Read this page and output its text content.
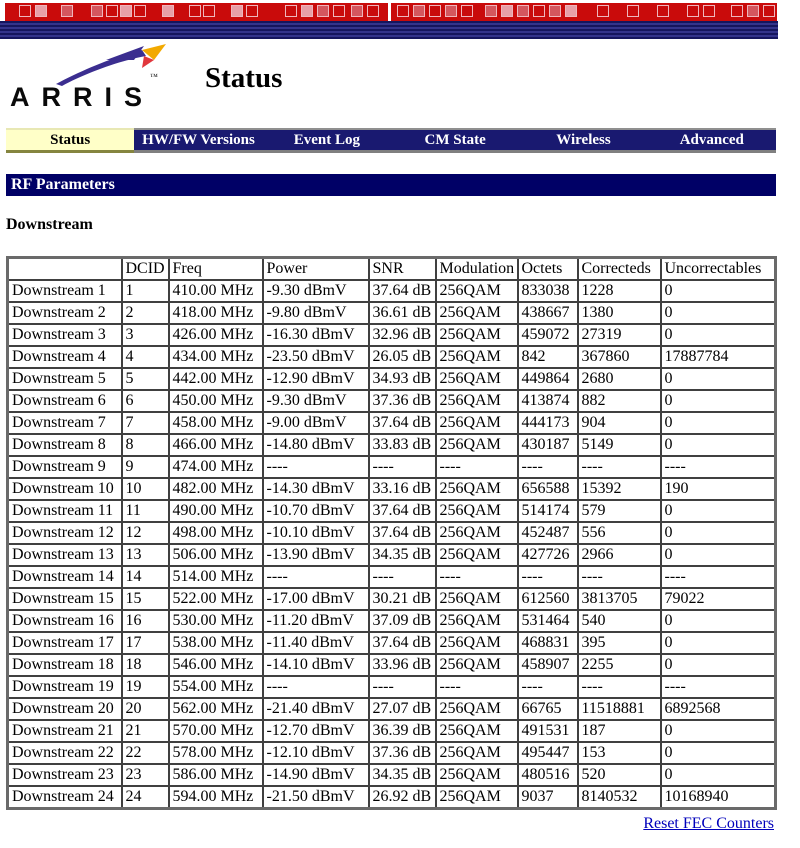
™
ARRIS
Status
Status	HW/FW Versions	Event Log	CM State	Wireless	Advanced
RF Parameters
Downstream
	DCID	Freq	Power	SNR	Modulation	Octets	Correcteds	Uncorrectables
Downstream 1	1	410.00 MHz	-9.30 dBmV	37.64 dB	256QAM	833038	1228	0
Downstream 2	2	418.00 MHz	-9.80 dBmV	36.61 dB	256QAM	438667	1380	0
Downstream 3	3	426.00 MHz	-16.30 dBmV	32.96 dB	256QAM	459072	27319	0
Downstream 4	4	434.00 MHz	-23.50 dBmV	26.05 dB	256QAM	842	367860	17887784
Downstream 5	5	442.00 MHz	-12.90 dBmV	34.93 dB	256QAM	449864	2680	0
Downstream 6	6	450.00 MHz	-9.30 dBmV	37.36 dB	256QAM	413874	882	0
Downstream 7	7	458.00 MHz	-9.00 dBmV	37.64 dB	256QAM	444173	904	0
Downstream 8	8	466.00 MHz	-14.80 dBmV	33.83 dB	256QAM	430187	5149	0
Downstream 9	9	474.00 MHz	----	----	----	----	----	----
Downstream 10	10	482.00 MHz	-14.30 dBmV	33.16 dB	256QAM	656588	15392	190
Downstream 11	11	490.00 MHz	-10.70 dBmV	37.64 dB	256QAM	514174	579	0
Downstream 12	12	498.00 MHz	-10.10 dBmV	37.64 dB	256QAM	452487	556	0
Downstream 13	13	506.00 MHz	-13.90 dBmV	34.35 dB	256QAM	427726	2966	0
Downstream 14	14	514.00 MHz	----	----	----	----	----	----
Downstream 15	15	522.00 MHz	-17.00 dBmV	30.21 dB	256QAM	612560	3813705	79022
Downstream 16	16	530.00 MHz	-11.20 dBmV	37.09 dB	256QAM	531464	540	0
Downstream 17	17	538.00 MHz	-11.40 dBmV	37.64 dB	256QAM	468831	395	0
Downstream 18	18	546.00 MHz	-14.10 dBmV	33.96 dB	256QAM	458907	2255	0
Downstream 19	19	554.00 MHz	----	----	----	----	----	----
Downstream 20	20	562.00 MHz	-21.40 dBmV	27.07 dB	256QAM	66765	11518881	6892568
Downstream 21	21	570.00 MHz	-12.70 dBmV	36.39 dB	256QAM	491531	187	0
Downstream 22	22	578.00 MHz	-12.10 dBmV	37.36 dB	256QAM	495447	153	0
Downstream 23	23	586.00 MHz	-14.90 dBmV	34.35 dB	256QAM	480516	520	0
Downstream 24	24	594.00 MHz	-21.50 dBmV	26.92 dB	256QAM	9037	8140532	10168940
Reset FEC Counters
